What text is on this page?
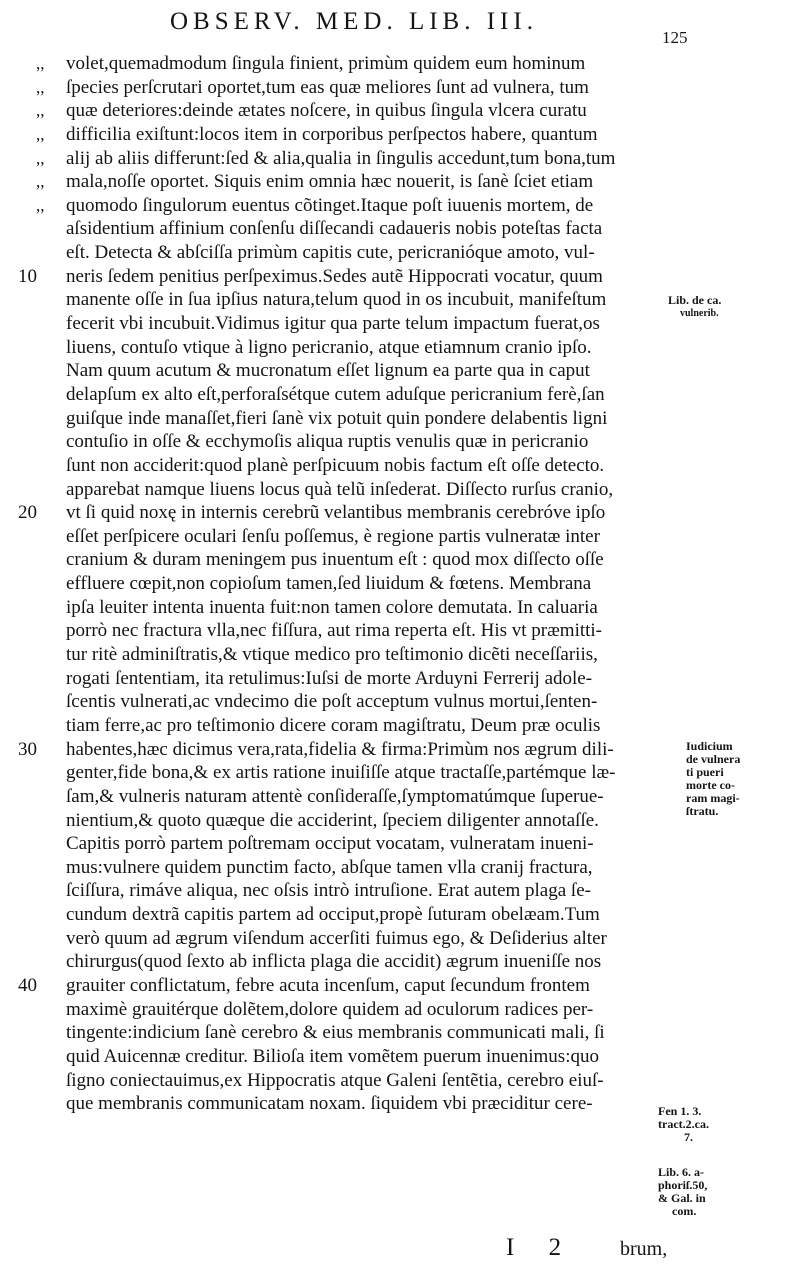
OBSERV. MED. LIB. III.
125
,,	volet,quemadmodum ſingula finient, primùm quidem eum hominum
,,	ſpecies perſcrutari oportet,tum eas quæ meliores ſunt ad vulnera, tum
,,	quæ deteriores:deinde ætates noſcere, in quibus ſingula vlcera curatu
,,	difficilia exiſtunt:locos item in corporibus perſpectos habere, quantum
,,	alij ab aliis differunt:ſed & alia,qualia in ſingulis accedunt,tum bona,tum
,,	mala,noſſe oportet. Siquis enim omnia hæc nouerit, is ſanè ſciet etiam
,,	quomodo ſingulorum euentus cõtinget.Itaque poſt iuuenis mortem, de
aſsidentium affinium conſenſu diſſecandi cadaueris nobis poteſtas facta
eſt. Detecta & abſciſſa primùm capitis cute, pericranióque amoto, vul-
10	neris ſedem penitius perſpeximus.Sedes autẽ Hippocrati vocatur, quum
manente oſſe in ſua ipſius natura,telum quod in os incubuit, manifeſtum
fecerit vbi incubuit.Vidimus igitur qua parte telum impactum fuerat,os
liuens, contuſo vtique à ligno pericranio, atque etiamnum cranio ipſo.
Nam quum acutum & mucronatum eſſet lignum ea parte qua in caput
delapſum ex alto eſt,perforaſsétque cutem aduſque pericranium ferè,ſan
guiſque inde manaſſet,fieri ſanè vix potuit quin pondere delabentis ligni
contuſio in oſſe & ecchymoſis aliqua ruptis venulis quæ in pericranio
ſunt non acciderit:quod planè perſpicuum nobis factum eſt oſſe detecto.
apparebat namque liuens locus quà telũ inſederat. Diſſecto rurſus cranio,
20	vt ſi quid noxę in internis cerebrũ velantibus membranis cerebróve ipſo
eſſet perſpicere oculari ſenſu poſſemus, è regione partis vulneratæ inter
cranium & duram meningem pus inuentum eſt : quod mox diſſecto oſſe
effluere cœpit,non copioſum tamen,ſed liuidum & fœtens. Membrana
ipſa leuiter intenta inuenta fuit:non tamen colore demutata. In caluaria
porrò nec fractura vlla,nec fiſſura, aut rima reperta eſt. His vt præmitti-
tur ritè adminiſtratis,& vtique medico pro teſtimonio dicẽti neceſſariis,
rogati ſententiam, ita retulimus:Iuſsi de morte Arduyni Ferrerij adole-
ſcentis vulnerati,ac vndecimo die poſt acceptum vulnus mortui,ſenten-
tiam ferre,ac pro teſtimonio dicere coram magiſtratu, Deum præ oculis
30	habentes,hæc dicimus vera,rata,fidelia & firma:Primùm nos ægrum dili-
genter,fide bona,& ex artis ratione inuiſiſſe atque tractaſſe,partémque læ-
ſam,& vulneris naturam attentè conſideraſſe,ſymptomatúmque ſuperue-
nientium,& quoto quæque die acciderint, ſpeciem diligenter annotaſſe.
Capitis porrò partem poſtremam occiput vocatam, vulneratam inueni-
mus:vulnere quidem punctim facto, abſque tamen vlla cranij fractura,
ſciſſura, rimáve aliqua, nec oſsis intrò intruſione. Erat autem plaga ſe-
cundum dextrã capitis partem ad occiput,propè ſuturam obelæam.Tum
verò quum ad ægrum viſendum accerſiti fuimus ego, & Deſiderius alter
chirurgus(quod ſexto ab inflicta plaga die accidit) ægrum inueniſſe nos
40	grauiter conflictatum, febre acuta incenſum, caput ſecundum frontem
maximè grauitérque dolẽtem,dolore quidem ad oculorum radices per-
tingente:indicium ſanè cerebro & eius membranis communicati mali, ſi
quid Auicennæ creditur. Bilioſa item vomẽtem puerum inuenimus:quo
ſigno coniectauimus,ex Hippocratis atque Galeni ſentẽtia, cerebro eiuſ-
que membranis communicatam noxam. ſiquidem vbi præciditur cere-
Lib. de ca.
vulnerib.
Iudicium
de vulnera
ti pueri
morte co-
ram magi-
ſtratu.
Fen 1. 3.
tract.2.ca.
7.
Lib. 6. a-
phoriſ.50,
& Gal. in
com.
I 2 brum,
